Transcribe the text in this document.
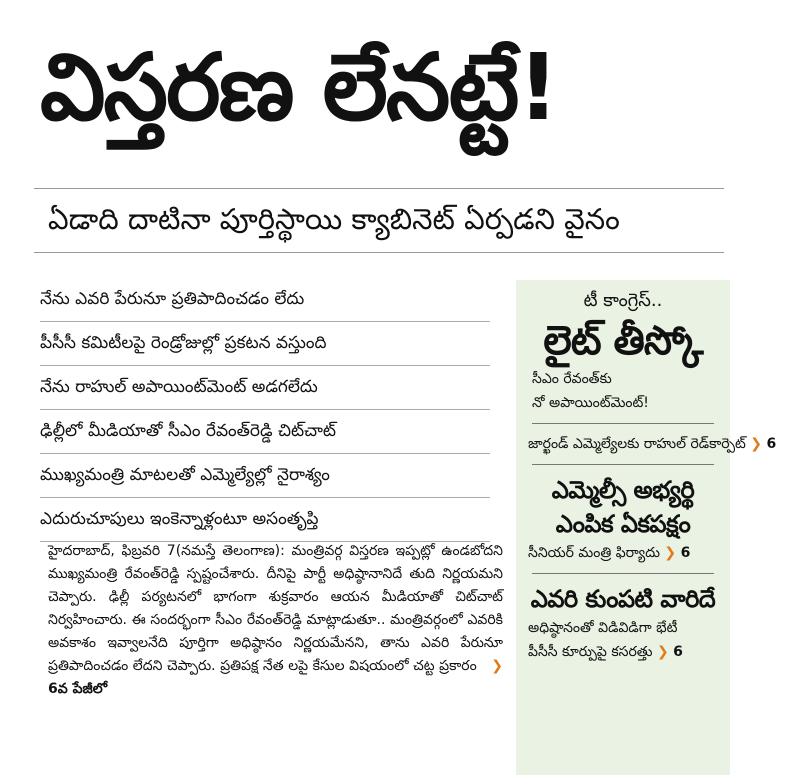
విస్తరణ లేనట్టే!
ఏడాది దాటినా పూర్తిస్థాయి క్యాబినెట్ ఏర్పడని వైనం
నేను ఎవరి పేరునూ ప్రతిపాదించడం లేదు
పీసీసీ కమిటీలపై రెండ్రోజుల్లో ప్రకటన వస్తుంది
నేను రాహుల్ అపాయింట్‌మెంట్ అడగలేదు
ఢిల్లీలో మీడియాతో సీఎం రేవంత్‌రెడ్డి చిట్‌చాట్
ముఖ్యమంత్రి మాటలతో ఎమ్మెల్యేల్లో నైరాశ్యం
ఎదురుచూపులు ఇంకెన్నాళ్లంటూ అసంతృప్తి
హైదరాబాద్, ఫిబ్రవరి 7(నమస్తే తెలంగాణ): మంత్రివర్గ విస్తరణ ఇప్పట్లో ఉండబోదని ముఖ్యమంత్రి రేవంత్‌రెడ్డి స్పష్టంచేశారు. దీనిపై పార్టీ అధిష్ఠానానిదే తుది నిర్ణయమని చెప్పారు. ఢిల్లీ పర్యటనలో భాగంగా శుక్రవారం ఆయన మీడియాతో చిట్‌చాట్ నిర్వహించారు. ఈ సందర్భంగా సీఎం రేవంత్‌రెడ్డి మాట్లాడుతూ.. మంత్రివర్గంలో ఎవరికి అవకాశం ఇవ్వాలనేది పూర్తిగా అధిష్ఠానం నిర్ణయమేనని, తాను ఎవరి పేరునూ ప్రతిపాదించడం లేదని చెప్పారు. ప్రతిపక్ష నేత లపై కేసుల విషయంలో చట్ట ప్రకారం ❯ 6వ పేజీలో
టీ కాంగ్రెస్..
లైట్ తీస్కో
సీఎం రేవంత్‌కు
నో అపాయింట్‌మెంట్!
జార్ఖండ్ ఎమ్మెల్యేలకు రాహుల్ రెడ్‌కార్పెట్ ❯ 6
ఎమ్మెల్సీ అభ్యర్థి
ఎంపిక ఏకపక్షం
సీనియర్ మంత్రి ఫిర్యాదు ❯ 6
ఎవరి కుంపటి వారిదే
అధిష్ఠానంతో విడివిడిగా భేటీ
పీసీసీ కూర్పుపై కసరత్తు ❯ 6
